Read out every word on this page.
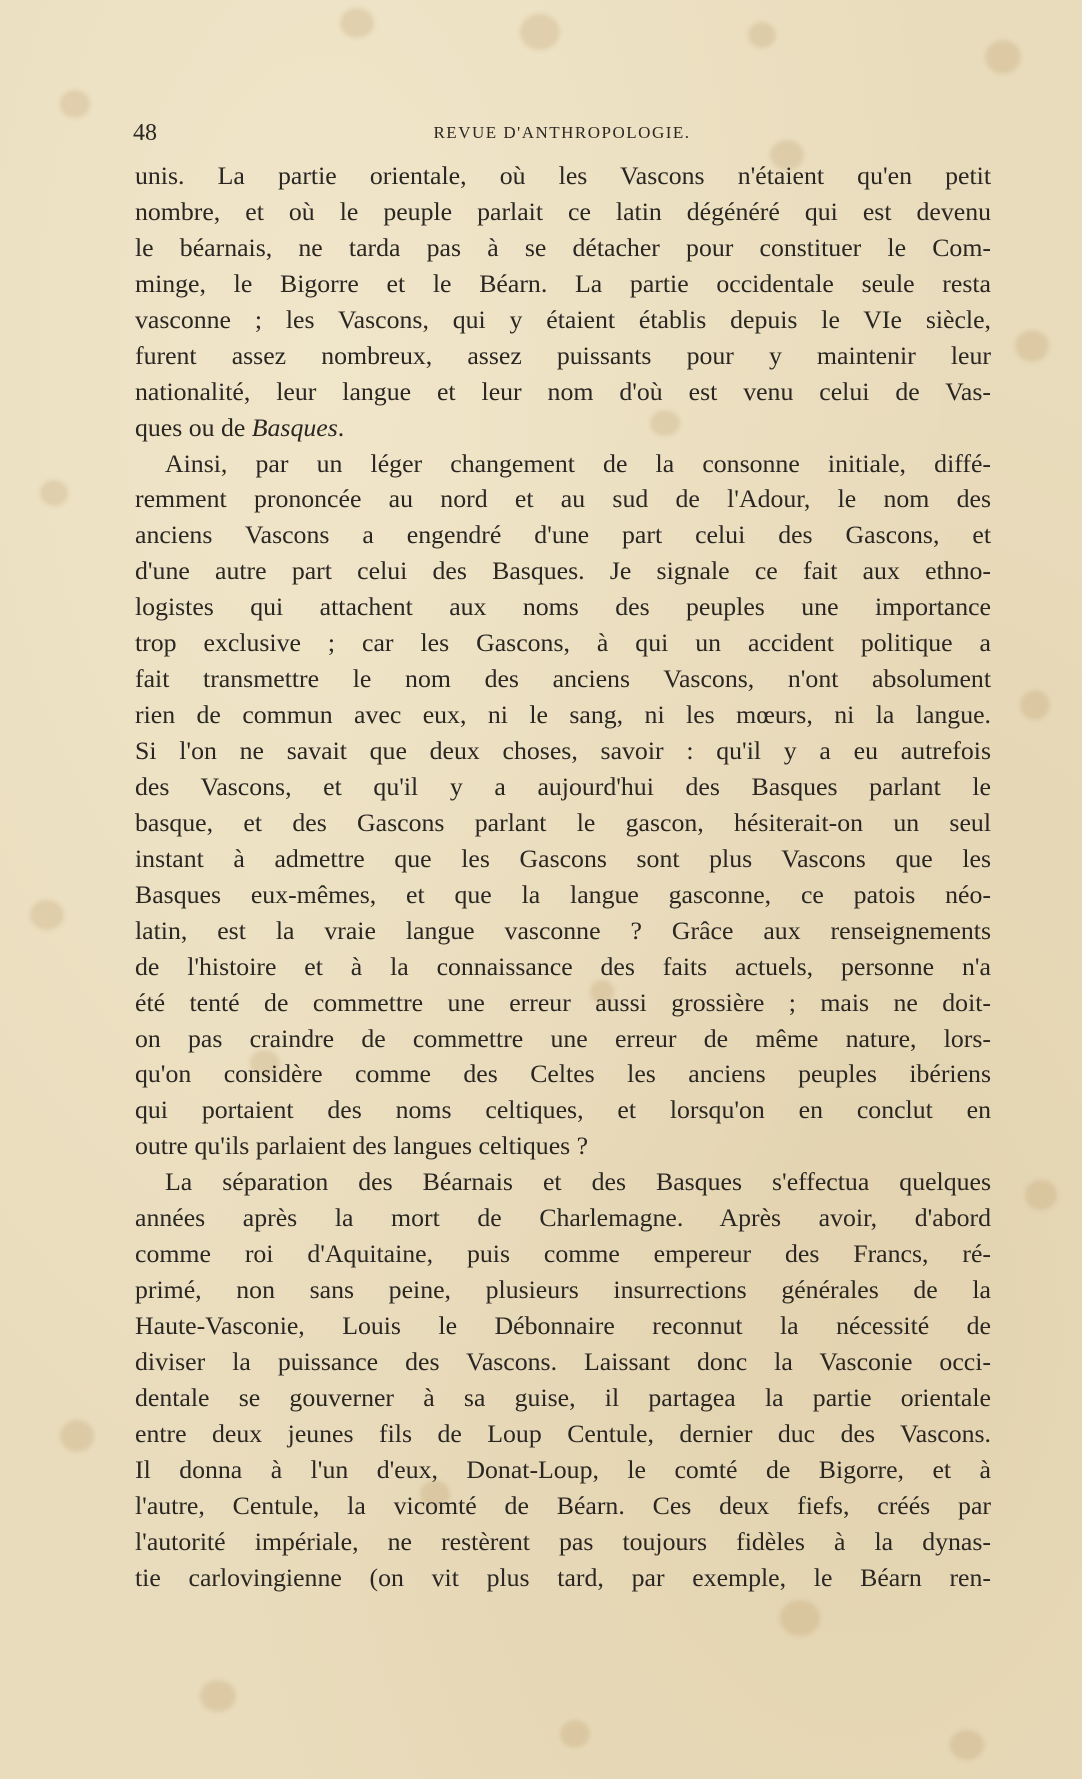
48	REVUE D'ANTHROPOLOGIE.
unis. La partie orientale, où les Vascons n'étaient qu'en petit
nombre, et où le peuple parlait ce latin dégénéré qui est devenu
le béarnais, ne tarda pas à se détacher pour constituer le Com-
minge, le Bigorre et le Béarn. La partie occidentale seule resta
vasconne ; les Vascons, qui y étaient établis depuis le VIe siècle,
furent assez nombreux, assez puissants pour y maintenir leur
nationalité, leur langue et leur nom d'où est venu celui de Vas-
ques ou de Basques.
Ainsi, par un léger changement de la consonne initiale, diffé-
remment prononcée au nord et au sud de l'Adour, le nom des
anciens Vascons a engendré d'une part celui des Gascons, et
d'une autre part celui des Basques. Je signale ce fait aux ethno-
logistes qui attachent aux noms des peuples une importance
trop exclusive ; car les Gascons, à qui un accident politique a
fait transmettre le nom des anciens Vascons, n'ont absolument
rien de commun avec eux, ni le sang, ni les mœurs, ni la langue.
Si l'on ne savait que deux choses, savoir : qu'il y a eu autrefois
des Vascons, et qu'il y a aujourd'hui des Basques parlant le
basque, et des Gascons parlant le gascon, hésiterait-on un seul
instant à admettre que les Gascons sont plus Vascons que les
Basques eux-mêmes, et que la langue gasconne, ce patois néo-
latin, est la vraie langue vasconne ? Grâce aux renseignements
de l'histoire et à la connaissance des faits actuels, personne n'a
été tenté de commettre une erreur aussi grossière ; mais ne doit-
on pas craindre de commettre une erreur de même nature, lors-
qu'on considère comme des Celtes les anciens peuples ibériens
qui portaient des noms celtiques, et lorsqu'on en conclut en
outre qu'ils parlaient des langues celtiques ?
La séparation des Béarnais et des Basques s'effectua quelques
années après la mort de Charlemagne. Après avoir, d'abord
comme roi d'Aquitaine, puis comme empereur des Francs, ré-
primé, non sans peine, plusieurs insurrections générales de la
Haute-Vasconie, Louis le Débonnaire reconnut la nécessité de
diviser la puissance des Vascons. Laissant donc la Vasconie occi-
dentale se gouverner à sa guise, il partagea la partie orientale
entre deux jeunes fils de Loup Centule, dernier duc des Vascons.
Il donna à l'un d'eux, Donat-Loup, le comté de Bigorre, et à
l'autre, Centule, la vicomté de Béarn. Ces deux fiefs, créés par
l'autorité impériale, ne restèrent pas toujours fidèles à la dynas-
tie carlovingienne (on vit plus tard, par exemple, le Béarn ren-
